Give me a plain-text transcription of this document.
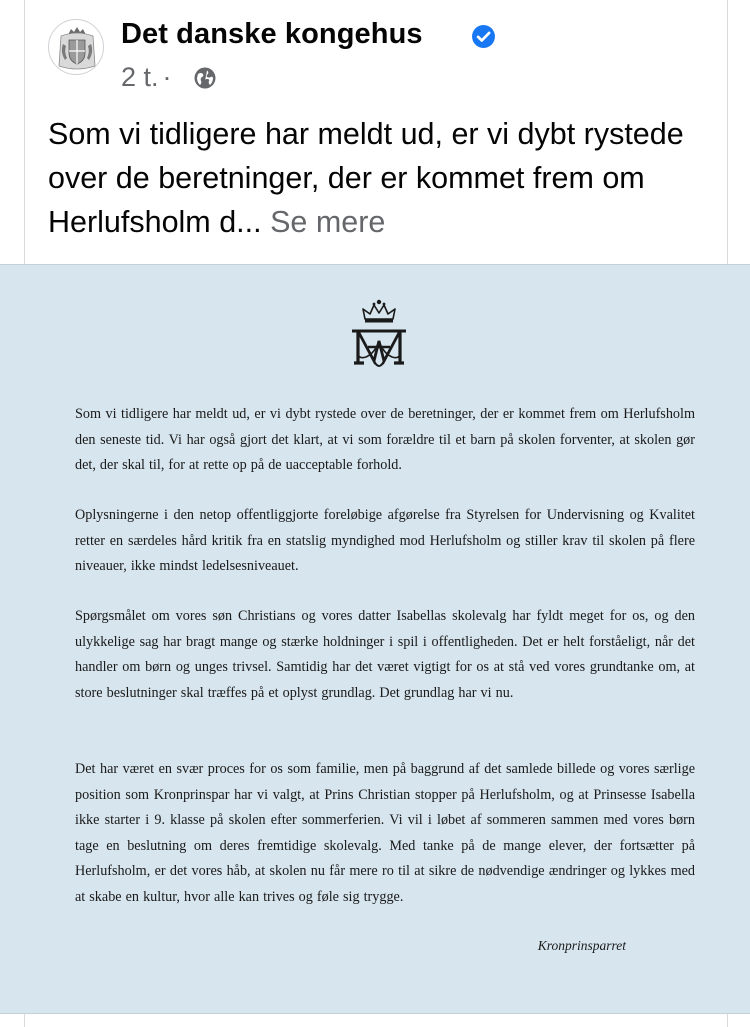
Det danske kongehus
2 t. ·
Som vi tidligere har meldt ud, er vi dybt rystede over de beretninger, der er kommet frem om Herlufsholm d... Se mere
Som vi tidligere har meldt ud, er vi dybt rystede over de beretninger, der er kommet frem om Herlufsholm den seneste tid. Vi har også gjort det klart, at vi som forældre til et barn på skolen forventer, at skolen gør det, der skal til, for at rette op på de uacceptable forhold.
Oplysningerne i den netop offentliggjorte foreløbige afgørelse fra Styrelsen for Undervisning og Kvalitet retter en særdeles hård kritik fra en statslig myndighed mod Herlufsholm og stiller krav til skolen på flere niveauer, ikke mindst ledelsesniveauet.
Spørgsmålet om vores søn Christians og vores datter Isabellas skolevalg har fyldt meget for os, og den ulykkelige sag har bragt mange og stærke holdninger i spil i offentligheden. Det er helt forståeligt, når det handler om børn og unges trivsel. Samtidig har det været vigtigt for os at stå ved vores grundtanke om, at store beslutninger skal træffes på et oplyst grundlag. Det grundlag har vi nu.
Det har været en svær proces for os som familie, men på baggrund af det samlede billede og vores særlige position som Kronprinspar har vi valgt, at Prins Christian stopper på Herlufsholm, og at Prinsesse Isabella ikke starter i 9. klasse på skolen efter sommerferien. Vi vil i løbet af sommeren sammen med vores børn tage en beslutning om deres fremtidige skolevalg. Med tanke på de mange elever, der fortsætter på Herlufsholm, er det vores håb, at skolen nu får mere ro til at sikre de nødvendige ændringer og lykkes med at skabe en kultur, hvor alle kan trives og føle sig trygge.
Kronprinsparret
